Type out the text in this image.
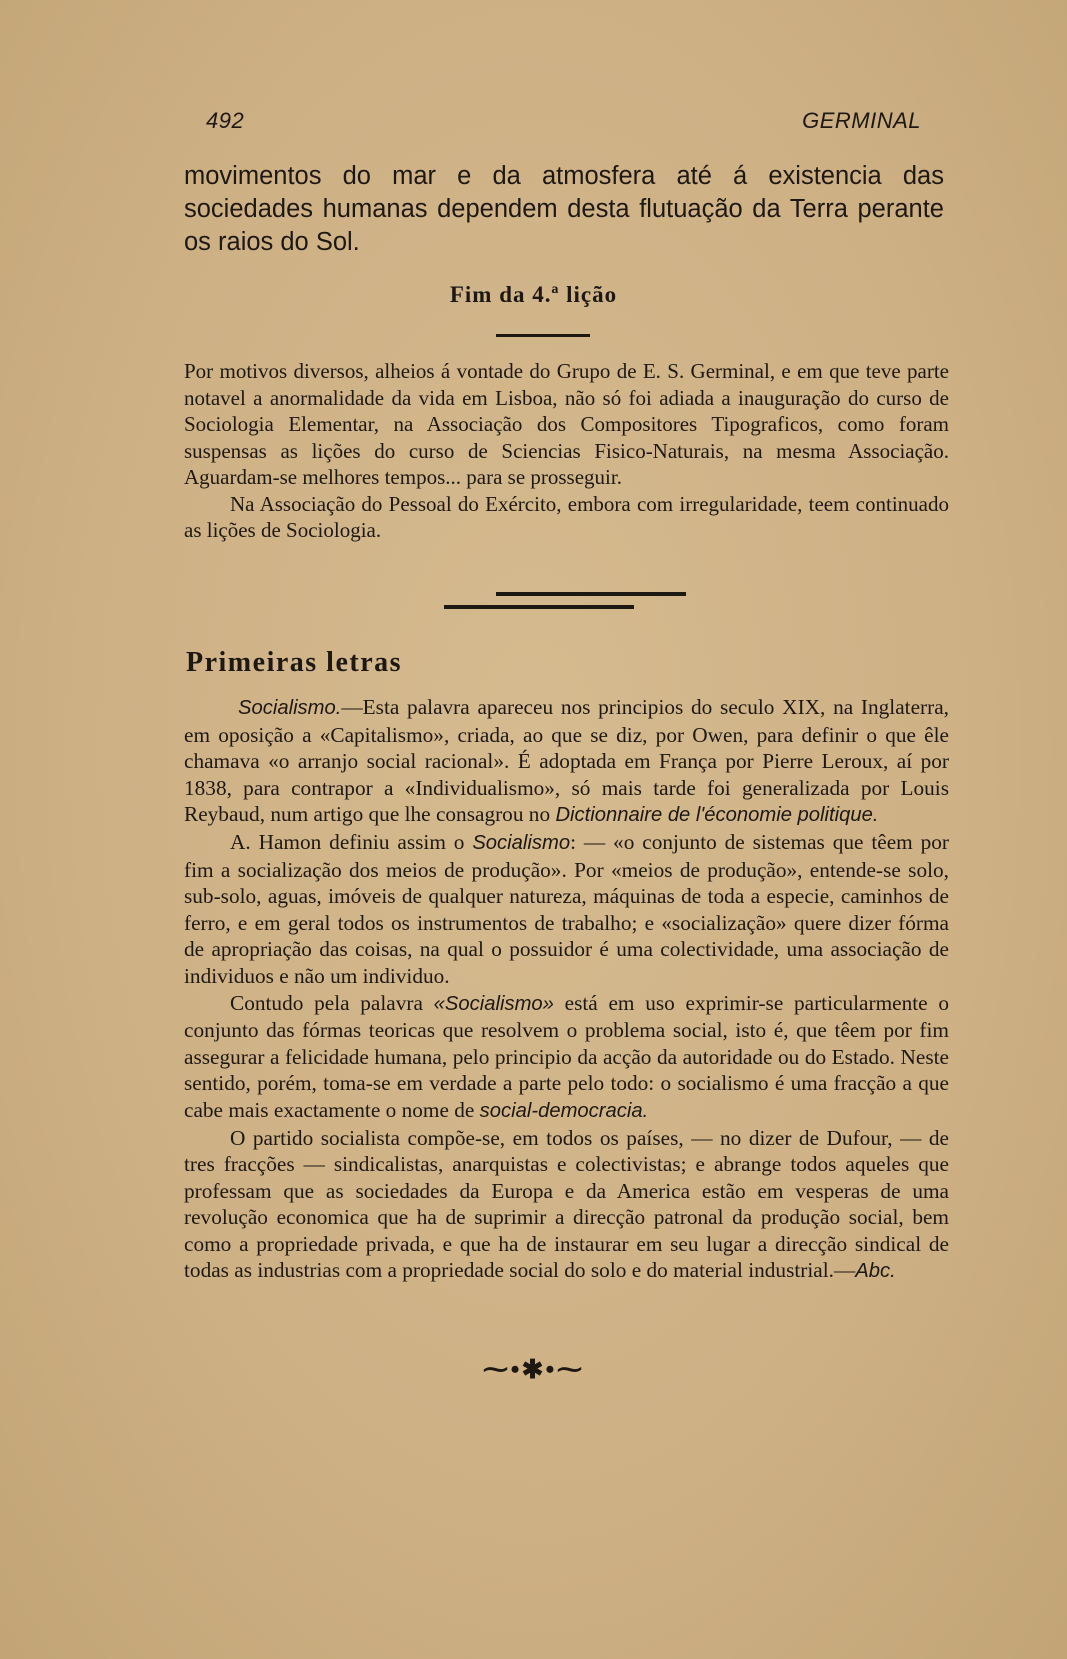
492	GERMINAL
movimentos do mar e da atmosfera até á existencia das sociedades humanas dependem desta flutuação da Terra perante os raios do Sol.
Fim da 4.ª lição

Por motivos diversos, alheios á vontade do Grupo de E. S. Germinal, e em que teve parte notavel a anormalidade da vida em Lisboa, não só foi adiada a inauguração do curso de Sociologia Elementar, na Associação dos Compositores Tipograficos, como foram suspensas as lições do curso de Sciencias Fisico-Naturais, na mesma Associação. Aguardam-se melhores tempos... para se prosseguir.

Na Associação do Pessoal do Exército, embora com irregularidade, teem continuado as lições de Sociologia.

Primeiras letras

Socialismo.—Esta palavra apareceu nos principios do seculo XIX, na Inglaterra, em oposição a «Capitalismo», criada, ao que se diz, por Owen, para definir o que êle chamava «o arranjo social racional». É adoptada em França por Pierre Leroux, aí por 1838, para contrapor a «Individualismo», só mais tarde foi generalizada por Louis Reybaud, num artigo que lhe consagrou no Dictionnaire de l'économie politique.

A. Hamon definiu assim o Socialismo: — «o conjunto de sistemas que têem por fim a socialização dos meios de produção». Por «meios de produção», entende-se solo, sub-solo, aguas, imóveis de qualquer natureza, máquinas de toda a especie, caminhos de ferro, e em geral todos os instrumentos de trabalho; e «socialização» quere dizer fórma de apropriação das coisas, na qual o possuidor é uma colectividade, uma associação de individuos e não um individuo.

Contudo pela palavra «Socialismo» está em uso exprimir-se particularmente o conjunto das fórmas teoricas que resolvem o problema social, isto é, que têem por fim assegurar a felicidade humana, pelo principio da acção da autoridade ou do Estado. Neste sentido, porém, toma-se em verdade a parte pelo todo: o socialismo é uma fracção a que cabe mais exactamente o nome de social-democracia.

O partido socialista compõe-se, em todos os países, — no dizer de Dufour, — de tres fracções — sindicalistas, anarquistas e colectivistas; e abrange todos aqueles que professam que as sociedades da Europa e da America estão em vesperas de uma revolução economica que ha de suprimir a direcção patronal da produção social, bem como a propriedade privada, e que ha de instaurar em seu lugar a direcção sindical de todas as industrias com a propriedade social do solo e do material industrial.—Abc.

⁓•✱•⁓
